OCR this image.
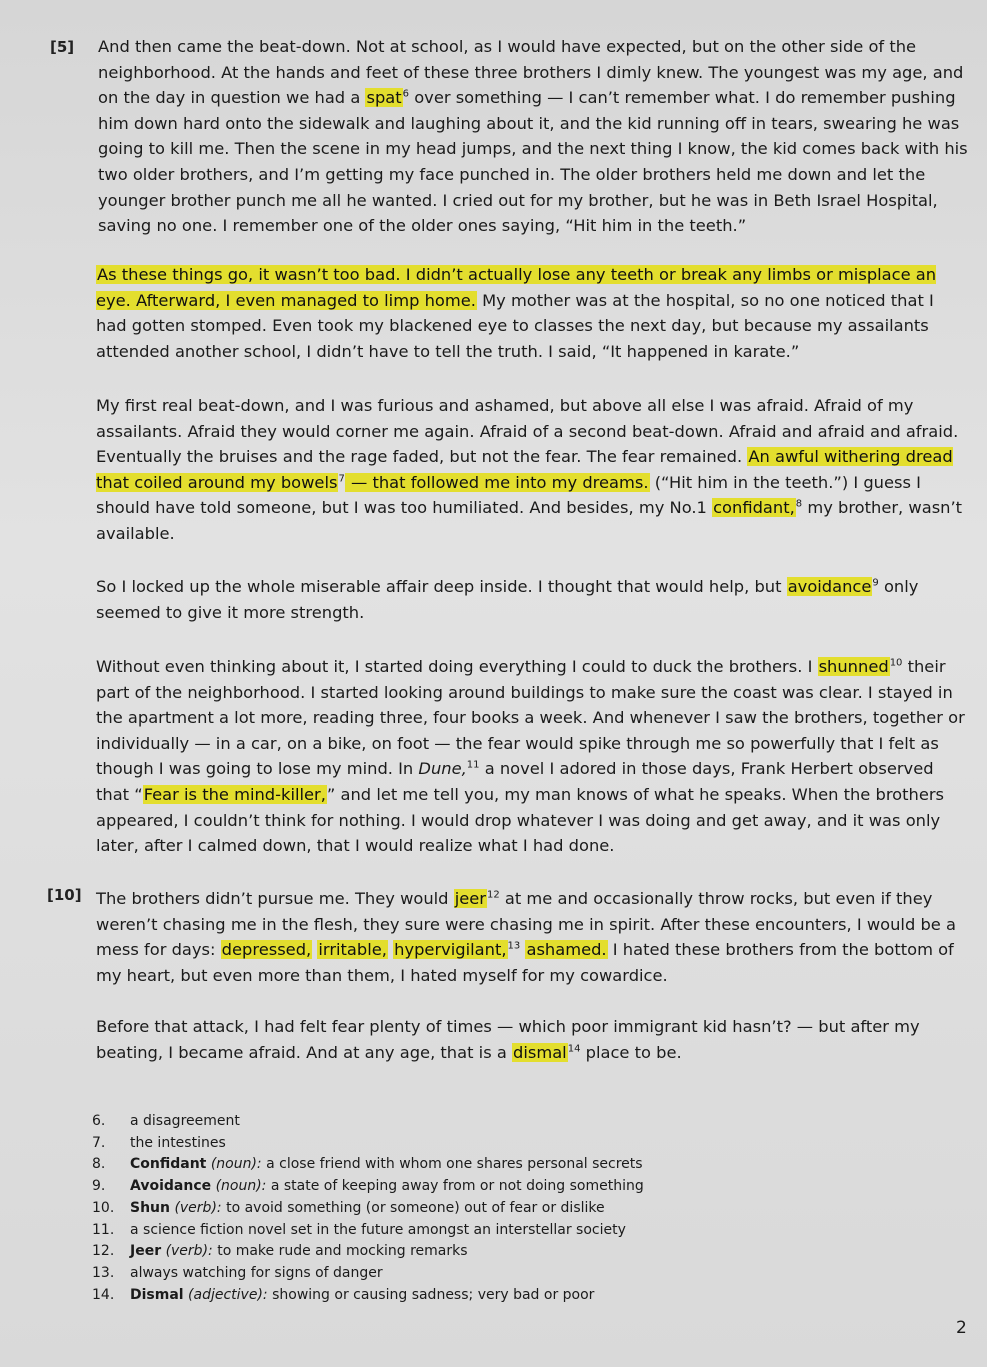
[5]
[10]

And then came the beat-down. Not at school, as I would have expected, but on the other side of the neighborhood. At the hands and feet of these three brothers I dimly knew. The youngest was my age, and on the day in question we had a spat$^6$ over something — I can’t remember what. I do remember pushing him down hard onto the sidewalk and laughing about it, and the kid running off in tears, swearing he was going to kill me. Then the scene in my head jumps, and the next thing I know, the kid comes back with his two older brothers, and I’m getting my face punched in. The older brothers held me down and let the younger brother punch me all he wanted. I cried out for my brother, but he was in Beth Israel Hospital, saving no one. I remember one of the older ones saying, “Hit him in the teeth.”

As these things go, it wasn’t too bad. I didn’t actually lose any teeth or break any limbs or misplace an eye. Afterward, I even managed to limp home. My mother was at the hospital, so no one noticed that I had gotten stomped. Even took my blackened eye to classes the next day, but because my assailants attended another school, I didn’t have to tell the truth. I said, “It happened in karate.”

My first real beat-down, and I was furious and ashamed, but above all else I was afraid. Afraid of my assailants. Afraid they would corner me again. Afraid of a second beat-down. Afraid and afraid and afraid. Eventually the bruises and the rage faded, but not the fear. The fear remained. An awful withering dread that coiled around my bowels$^7$ — that followed me into my dreams. (“Hit him in the teeth.”) I guess I should have told someone, but I was too humiliated. And besides, my No.1 confidant,$^8$ my brother, wasn’t available.

So I locked up the whole miserable affair deep inside. I thought that would help, but avoidance$^9$ only seemed to give it more strength.

Without even thinking about it, I started doing everything I could to duck the brothers. I shunned$^{10}$ their part of the neighborhood. I started looking around buildings to make sure the coast was clear. I stayed in the apartment a lot more, reading three, four books a week. And whenever I saw the brothers, together or individually — in a car, on a bike, on foot — the fear would spike through me so powerfully that I felt as though I was going to lose my mind. In Dune,$^{11}$ a novel I adored in those days, Frank Herbert observed that “Fear is the mind-killer,” and let me tell you, my man knows of what he speaks. When the brothers appeared, I couldn’t think for nothing. I would drop whatever I was doing and get away, and it was only later, after I calmed down, that I would realize what I had done.

The brothers didn’t pursue me. They would jeer$^{12}$ at me and occasionally throw rocks, but even if they weren’t chasing me in the flesh, they sure were chasing me in spirit. After these encounters, I would be a mess for days: depressed, irritable, hypervigilant,$^{13}$ ashamed. I hated these brothers from the bottom of my heart, but even more than them, I hated myself for my cowardice.

Before that attack, I had felt fear plenty of times — which poor immigrant kid hasn’t? — but after my beating, I became afraid. And at any age, that is a dismal$^{14}$ place to be.

6.	a disagreement
7.	the intestines
8.	Confidant (noun): a close friend with whom one shares personal secrets
9.	Avoidance (noun): a state of keeping away from or not doing something
10.	Shun (verb): to avoid something (or someone) out of fear or dislike
11.	a science fiction novel set in the future amongst an interstellar society
12.	Jeer (verb): to make rude and mocking remarks
13.	always watching for signs of danger
14.	Dismal (adjective): showing or causing sadness; very bad or poor
2
